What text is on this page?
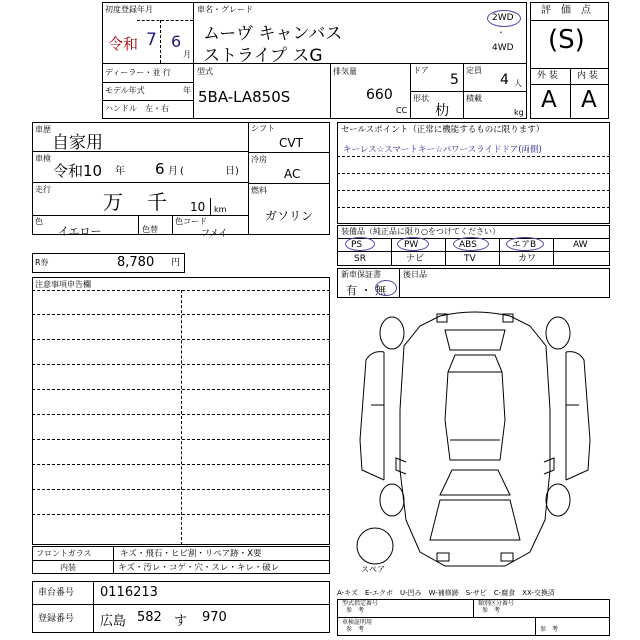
初度登録年月
令和 7 6
月
車名・グレード
ムーヴ キャンバス
ストライプ スG
2WD
・
4WD
ディーラー・並 行
モデル年式	年
ハンドル　左・右
型式
5BA-LA850S
排気量
660
CC
ドア
5
定員
4 人
形状
朸
積載
kg
評　価　点
(S)
外 装 内 装
A A
車歴
自家用
車検
令和10 年 6 月 (	日)
走行
万 千 10 km
色
イエロー	色替
色コード
フメイ
シフト
CVT
冷房
AC
燃料
ガソリン
R券	8,780 円
セールスポイント（正常に機能するものに限ります）
キーレス☆スマートキー☆パワースライドドア(両側)
装備品（純正品に限り○をつけてください）
PS	PW	ABS	エアB	AW
SR	ナビ	TV	カワ
新車保証書
有 ・ 無
後日品
注意事項申告欄
スペア
フロントガラス	キズ・飛石・ヒビ割・リペア跡・X要
内装	キズ・汚レ・コゲ・穴・スレ・キレ・破レ
A-キズ　E-エクボ　U-凹み　W-補修跡　S-サビ　C-腐食　XX-交換済
車台番号 0116213
登録番号 広島 582 す 970
型式指定番号
参　考
類別区分番号
参　考
車検証明用
参　考	参　考
